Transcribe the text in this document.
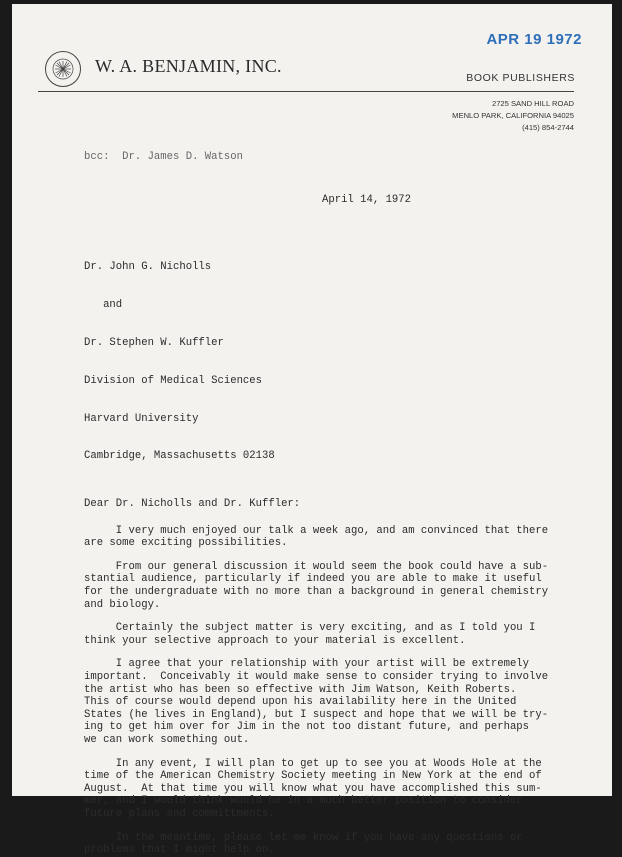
W. A. BENJAMIN, INC.
APR 19 1972
BOOK PUBLISHERS
2725 SAND HILL ROAD
MENLO PARK, CALIFORNIA 94025
(415) 854-2744
bcc:  Dr. James D. Watson
April 14, 1972

Dr. John G. Nicholls

and

Dr. Stephen W. Kuffler

Division of Medical Sciences

Harvard University

Cambridge, Massachusetts 02138

Dear Dr. Nicholls and Dr. Kuffler:

I very much enjoyed our talk a week ago, and am convinced that there
are some exciting possibilities.

From our general discussion it would seem the book could have a sub-
stantial audience, particularly if indeed you are able to make it useful
for the undergraduate with no more than a background in general chemistry
and biology.

Certainly the subject matter is very exciting, and as I told you I
think your selective approach to your material is excellent.

I agree that your relationship with your artist will be extremely
important.  Conceivably it would make sense to consider trying to involve
the artist who has been so effective with Jim Watson, Keith Roberts.
This of course would depend upon his availability here in the United
States (he lives in England), but I suspect and hope that we will be try-
ing to get him over for Jim in the not too distant future, and perhaps
we can work something out.

In any event, I will plan to get up to see you at Woods Hole at the
time of the American Chemistry Society meeting in New York at the end of
August.  At that time you will know what you have accomplished this sum-
mer, and I would think would be in a much better position to consider
future plans and committments.

In the meantime, please let me know if you have any questions or
problems that I might help on.
